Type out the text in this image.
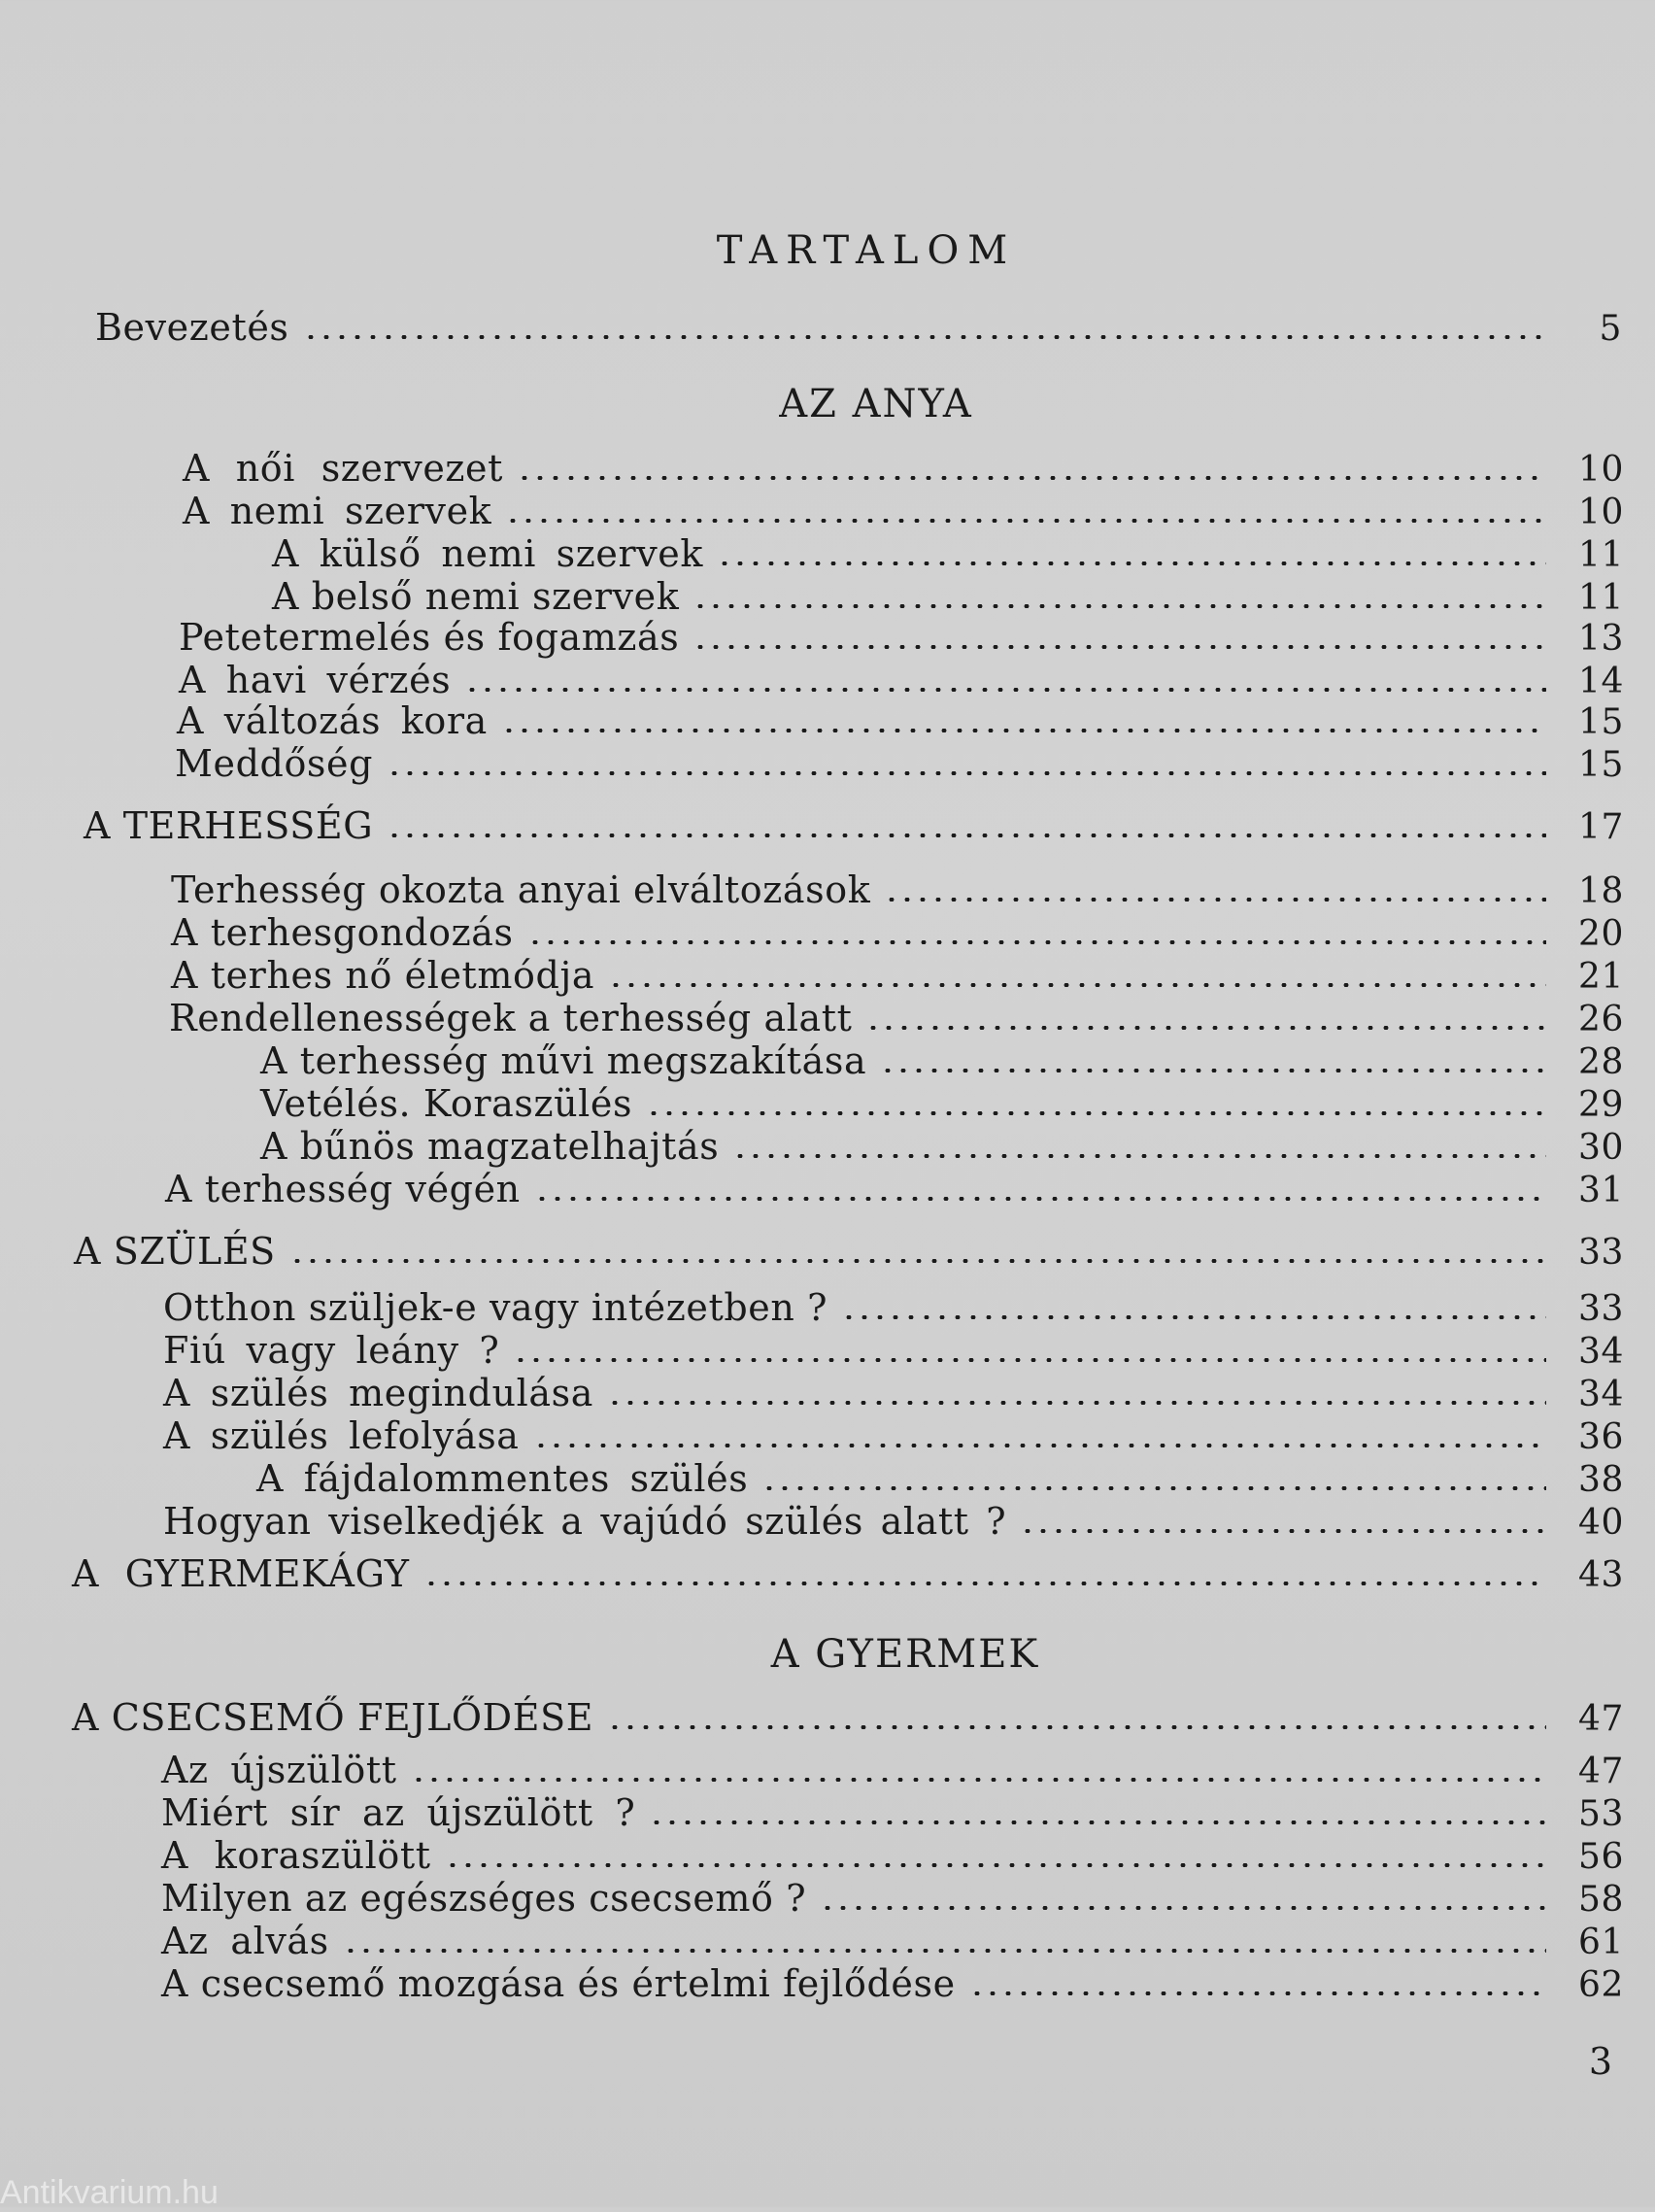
TARTALOM
Bevezetés	5
AZ ANYA
A női szervezet	10
A nemi szervek	10
A külső nemi szervek	11
A belső nemi szervek	11
Petetermelés és fogamzás	13
A havi vérzés	14
A változás kora	15
Meddőség	15
A TERHESSÉG	17
Terhesség okozta anyai elváltozások	18
A terhesgondozás	20
A terhes nő életmódja	21
Rendellenességek a terhesség alatt	26
A terhesség művi megszakítása	28
Vetélés. Koraszülés	29
A bűnös magzatelhajtás	30
A terhesség végén	31
A SZÜLÉS	33
Otthon szüljek-e vagy intézetben ?	33
Fiú vagy leány ?	34
A szülés megindulása	34
A szülés lefolyása	36
A fájdalommentes szülés	38
Hogyan viselkedjék a vajúdó szülés alatt ?	40
A GYERMEKÁGY	43
A GYERMEK
A CSECSEMŐ FEJLŐDÉSE	47
Az újszülött	47
Miért sír az újszülött ?	53
A koraszülött	56
Milyen az egészséges csecsemő ?	58
Az alvás	61
A csecsemő mozgása és értelmi fejlődése	62
3
Antikvarium.hu
